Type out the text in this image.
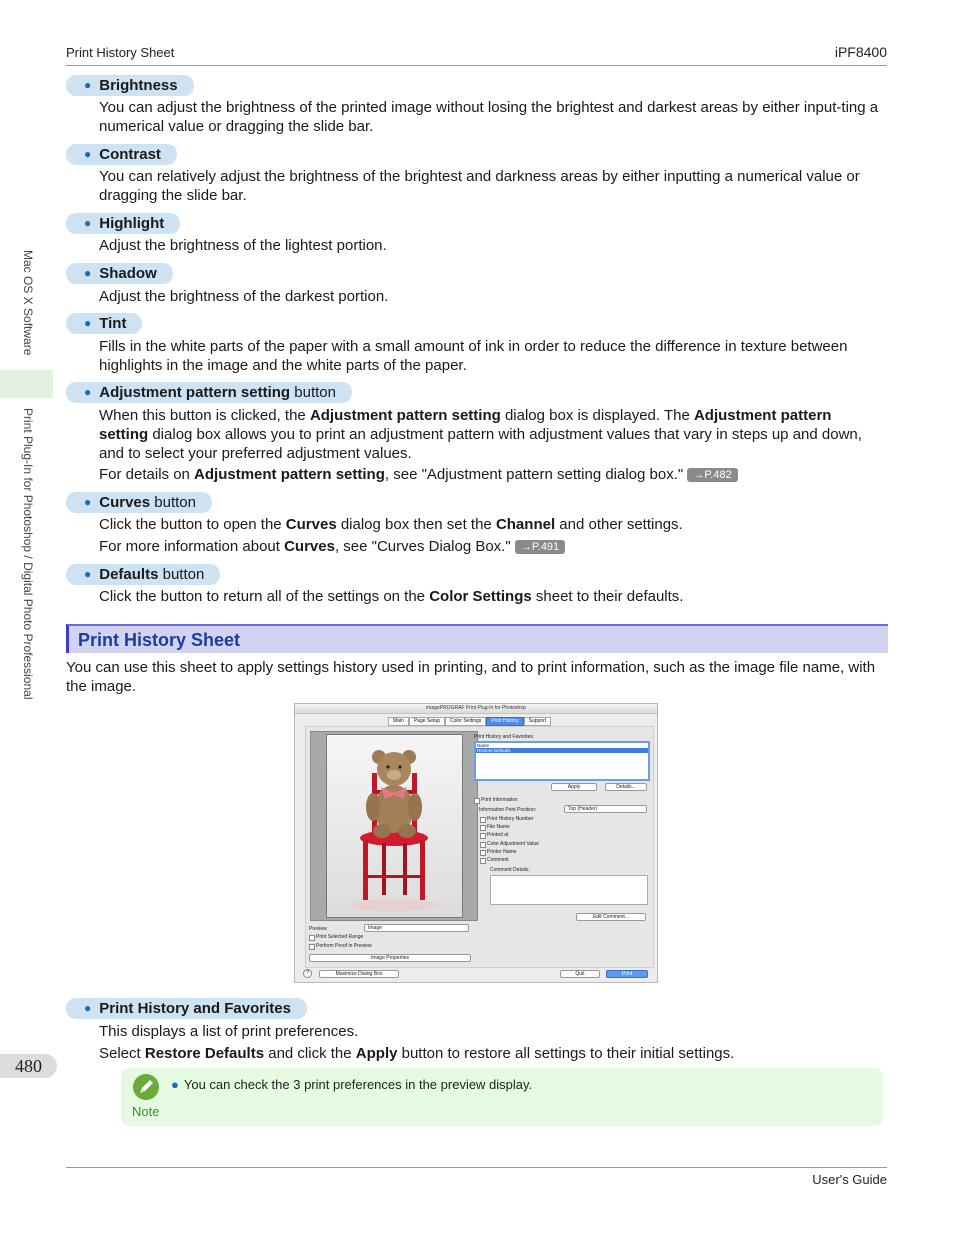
Print History Sheet	iPF8400
Mac OS X Software
Print Plug-In for Photoshop / Digital Photo Professional
480
● Brightness
You can adjust the brightness of the printed image without losing the brightest and darkest areas by either input-ting a numerical value or dragging the slide bar.
● Contrast
You can relatively adjust the brightness of the brightest and darkness areas by either inputting a numerical value or dragging the slide bar.
● Highlight
Adjust the brightness of the lightest portion.
● Shadow
Adjust the brightness of the darkest portion.
● Tint
Fills in the white parts of the paper with a small amount of ink in order to reduce the difference in texture between highlights in the image and the white parts of the paper.
● Adjustment pattern setting button
When this button is clicked, the Adjustment pattern setting dialog box is displayed. The Adjustment pattern setting dialog box allows you to print an adjustment pattern with adjustment values that vary in steps up and down, and to select your preferred adjustment values.
For details on Adjustment pattern setting, see "Adjustment pattern setting dialog box." →P.482
● Curves button
Click the button to open the Curves dialog box then set the Channel and other settings.
For more information about Curves, see "Curves Dialog Box." →P.491
● Defaults button
Click the button to return all of the settings on the Color Settings sheet to their defaults.
Print History Sheet
You can use this sheet to apply settings history used in printing, and to print information, such as the image file name, with the image.
imagePROGRAF Print Plug-In for Photoshop
Main	Page Setup	Color Settings	Print History	Support
Preview	Image
Print Selected Range
Perform Proof in Preview
Image Properties
Print History and Favorites:
Name
Restore Defaults
Apply	Details...
Print Information
Information Print Position:	Top (Header)
Print History Number
File Name
Printed at
Color Adjustment Value
Printer Name
Comment
Comment Details:
Edit Comment...
?	Maximize Dialog Box	Quit	Print
● Print History and Favorites
This displays a list of print preferences.
Select Restore Defaults and click the Apply button to restore all settings to their initial settings.
Note
● You can check the 3 print preferences in the preview display.
User's Guide
